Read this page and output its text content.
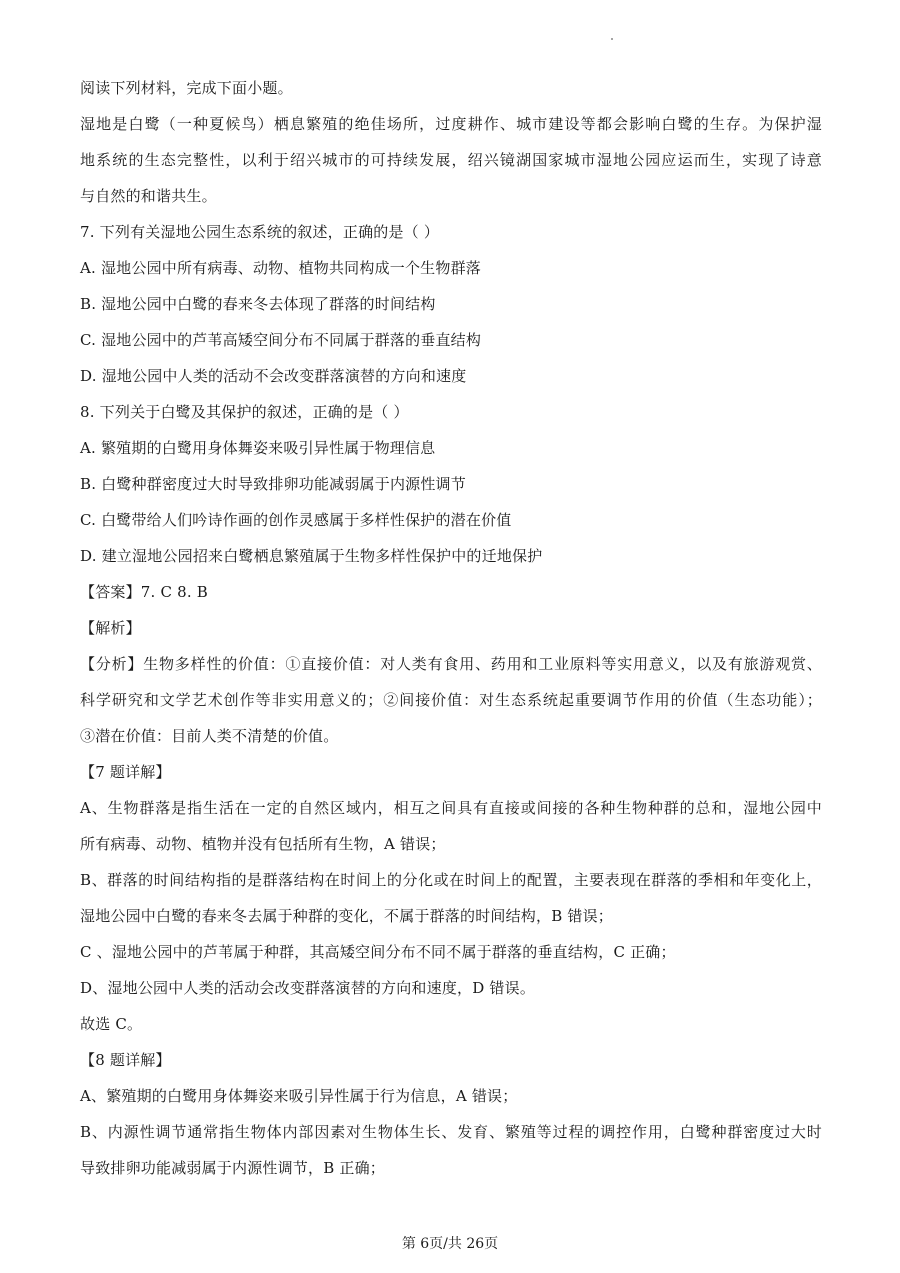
阅读下列材料，完成下面小题。
湿地是白鹭（一种夏候鸟）栖息繁殖的绝佳场所，过度耕作、城市建设等都会影响白鹭的生存。为保护湿
地系统的生态完整性，以利于绍兴城市的可持续发展，绍兴镜湖国家城市湿地公园应运而生，实现了诗意
与自然的和谐共生。
7. 下列有关湿地公园生态系统的叙述，正确的是（ ）
A. 湿地公园中所有病毒、动物、植物共同构成一个生物群落
B. 湿地公园中白鹭的春来冬去体现了群落的时间结构
C. 湿地公园中的芦苇高矮空间分布不同属于群落的垂直结构
D. 湿地公园中人类的活动不会改变群落演替的方向和速度
8. 下列关于白鹭及其保护的叙述，正确的是（ ）
A. 繁殖期的白鹭用身体舞姿来吸引异性属于物理信息
B. 白鹭种群密度过大时导致排卵功能减弱属于内源性调节
C. 白鹭带给人们吟诗作画的创作灵感属于多样性保护的潜在价值
D. 建立湿地公园招来白鹭栖息繁殖属于生物多样性保护中的迁地保护
【答案】7. C 8. B
【解析】
【分析】生物多样性的价值：①直接价值：对人类有食用、药用和工业原料等实用意义，以及有旅游观赏、
科学研究和文学艺术创作等非实用意义的；②间接价值：对生态系统起重要调节作用的价值（生态功能）；
③潜在价值：目前人类不清楚的价值。
【7 题详解】
A、生物群落是指生活在一定的自然区域内，相互之间具有直接或间接的各种生物种群的总和，湿地公园中
所有病毒、动物、植物并没有包括所有生物，A 错误；
B、群落的时间结构指的是群落结构在时间上的分化或在时间上的配置，主要表现在群落的季相和年变化上，
湿地公园中白鹭的春来冬去属于种群的变化，不属于群落的时间结构，B 错误；
C 、湿地公园中的芦苇属于种群，其高矮空间分布不同不属于群落的垂直结构，C 正确；
D、湿地公园中人类的活动会改变群落演替的方向和速度，D 错误。
故选 C。
【8 题详解】
A、繁殖期的白鹭用身体舞姿来吸引异性属于行为信息，A 错误；
B、内源性调节通常指生物体内部因素对生物体生长、发育、繁殖等过程的调控作用，白鹭种群密度过大时
导致排卵功能减弱属于内源性调节，B 正确；
第 6页/共 26页
